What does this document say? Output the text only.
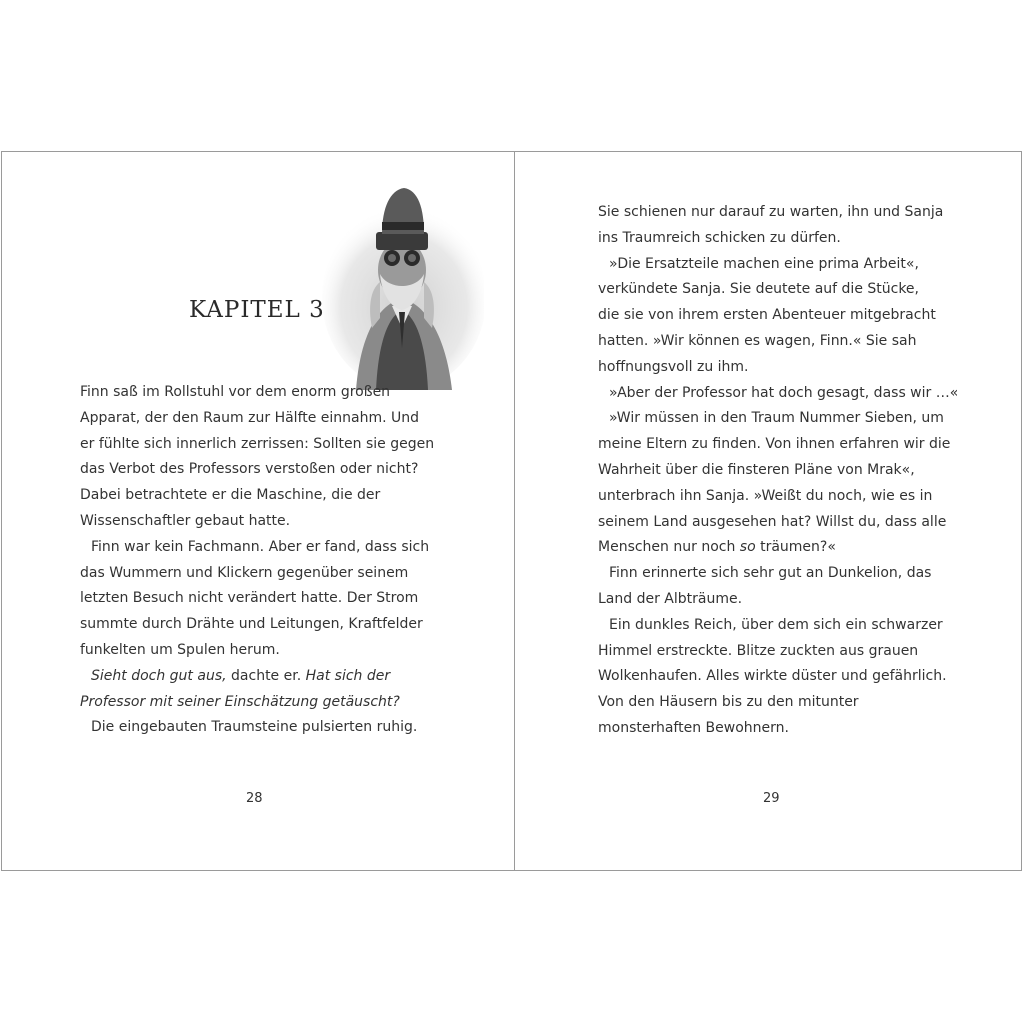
KAPITEL 3
Finn saß im Rollstuhl vor dem enorm großen
Apparat, der den Raum zur Hälfte einnahm. Und
er fühlte sich innerlich zerrissen: Sollten sie gegen
das Verbot des Professors verstoßen oder nicht?
Dabei betrachtete er die Maschine, die der
Wissenschaftler gebaut hatte.
Finn war kein Fachmann. Aber er fand, dass sich
das Wummern und Klickern gegenüber seinem
letzten Besuch nicht verändert hatte. Der Strom
summte durch Drähte und Leitungen, Kraftfelder
funkelten um Spulen herum.
Sieht doch gut aus, dachte er. Hat sich der
Professor mit seiner Einschätzung getäuscht?
Die eingebauten Traumsteine pulsierten ruhig.
28
Sie schienen nur darauf zu warten, ihn und Sanja
ins Traumreich schicken zu dürfen.
»Die Ersatzteile machen eine prima Arbeit«,
verkündete Sanja. Sie deutete auf die Stücke,
die sie von ihrem ersten Abenteuer mitgebracht
hatten. »Wir können es wagen, Finn.« Sie sah
hoffnungsvoll zu ihm.
»Aber der Professor hat doch gesagt, dass wir …«
»Wir müssen in den Traum Nummer Sieben, um
meine Eltern zu finden. Von ihnen erfahren wir die
Wahrheit über die finsteren Pläne von Mrak«,
unterbrach ihn Sanja. »Weißt du noch, wie es in
seinem Land ausgesehen hat? Willst du, dass alle
Menschen nur noch so träumen?«
Finn erinnerte sich sehr gut an Dunkelion, das
Land der Albträume.
Ein dunkles Reich, über dem sich ein schwarzer
Himmel erstreckte. Blitze zuckten aus grauen
Wolkenhaufen. Alles wirkte düster und gefährlich.
Von den Häusern bis zu den mitunter
monsterhaften Bewohnern.
29
